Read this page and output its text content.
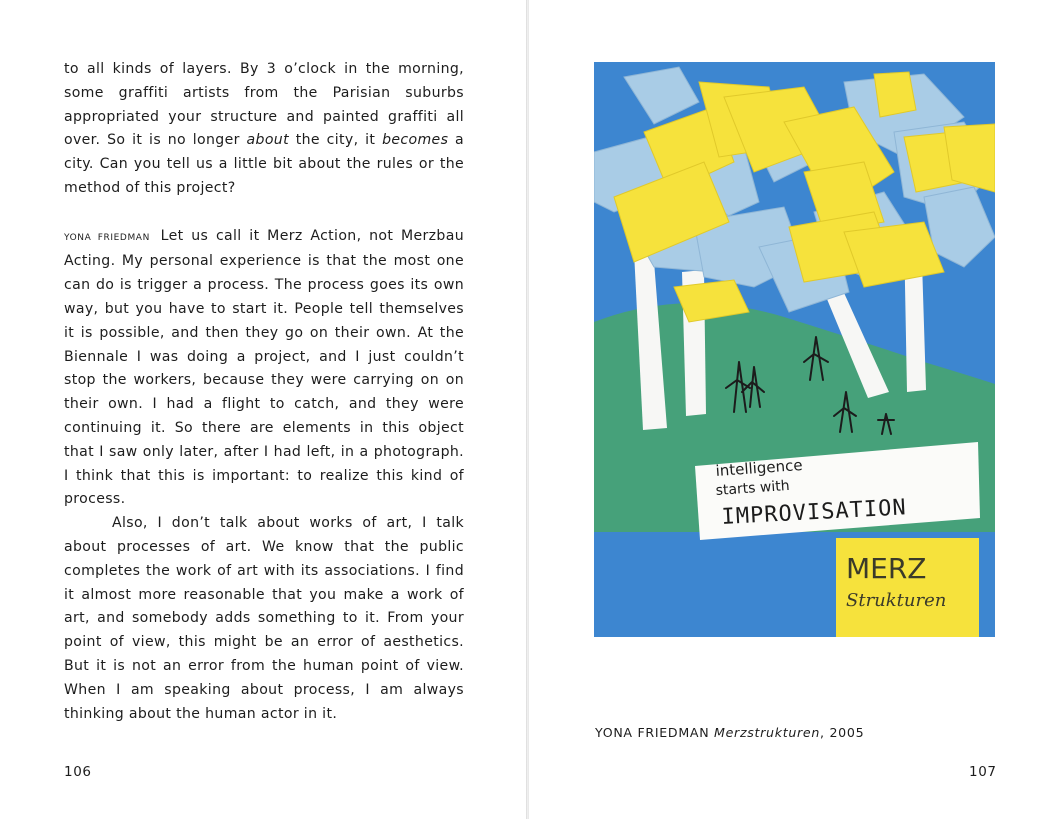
to all kinds of layers. By 3 o’clock in the morning, some graffiti artists from the Parisian suburbs appropriated your structure and painted graffiti all over. So it is no longer about the city, it becomes a city. Can you tell us a little bit about the rules or the method of this project?

YONA FRIEDMAN Let us call it Merz Action, not Merzbau Acting. My personal experience is that the most one can do is trigger a process. The process goes its own way, but you have to start it. People tell themselves it is possible, and then they go on their own. At the Biennale I was doing a project, and I just couldn’t stop the workers, because they were carrying on on their own. I had a flight to catch, and they were continuing it. So there are elements in this object that I saw only later, after I had left, in a photograph. I think that this is important: to realize this kind of process.

Also, I don’t talk about works of art, I talk about processes of art. We know that the public completes the work of art with its associations. I find it almost more reasonable that you make a work of art, and somebody adds something to it. From your point of view, this might be an error of aesthetics. But it is not an error from the human point of view. When I am speaking about process, I am always thinking about the human actor in it.

106	107
intelligence
starts with
IMPROVISATION
MERZ
Strukturen
YONA FRIEDMAN Merzstrukturen, 2005
